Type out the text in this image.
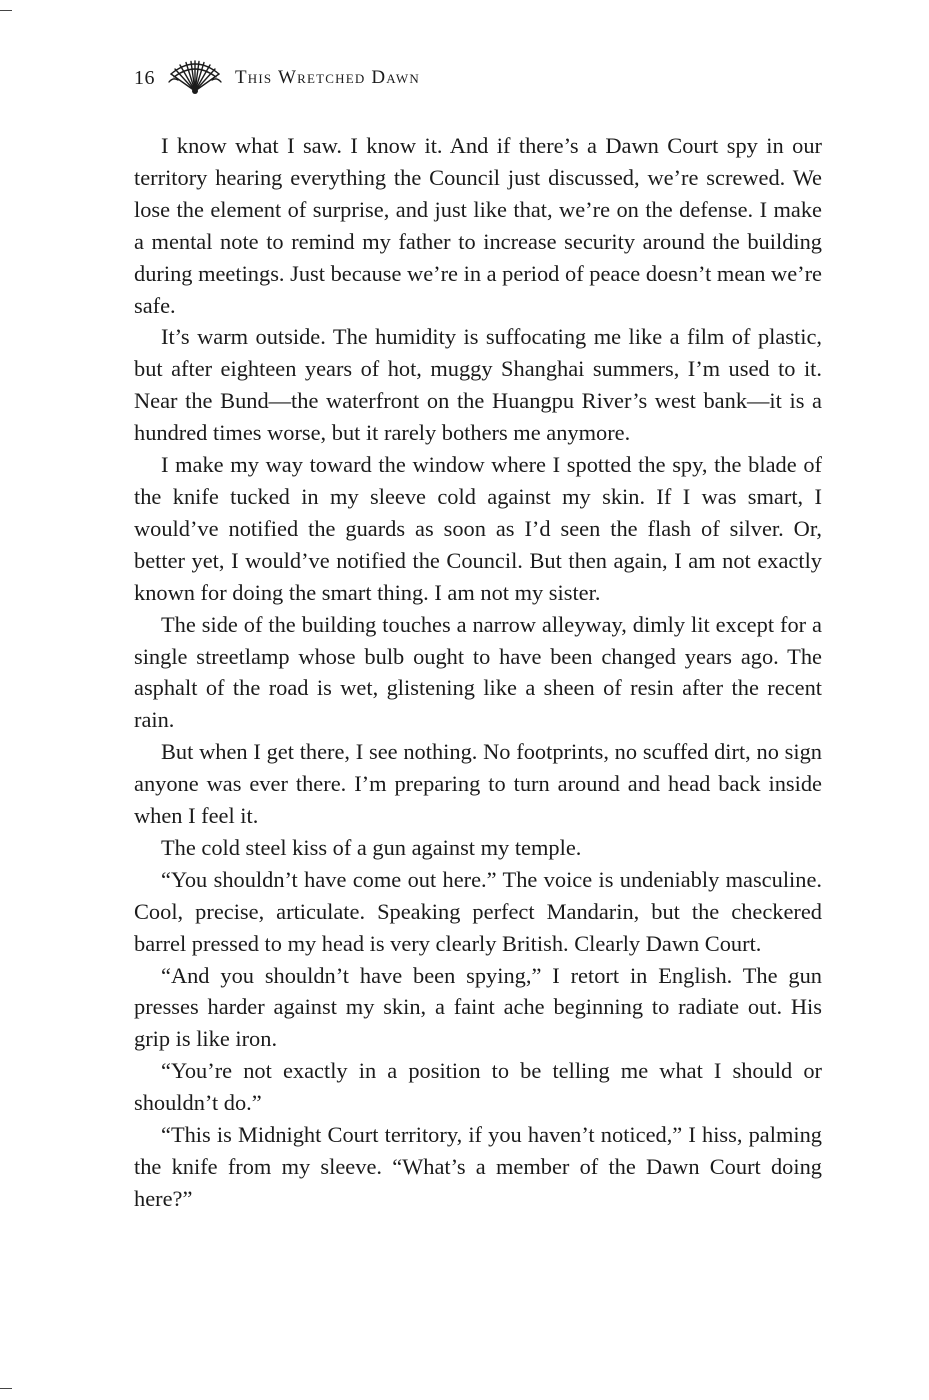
16	This Wretched Dawn

I know what I saw. I know it. And if there’s a Dawn Court spy in our territory hearing everything the Council just discussed, we’re screwed. We lose the element of surprise, and just like that, we’re on the defense. I make a mental note to remind my father to increase security around the building during meetings. Just because we’re in a period of peace doesn’t mean we’re safe.

It’s warm outside. The humidity is suffocating me like a film of plastic, but after eighteen years of hot, muggy Shanghai summers, I’m used to it. Near the Bund—the waterfront on the Huangpu River’s west bank—it is a hundred times worse, but it rarely bothers me anymore.

I make my way toward the window where I spotted the spy, the blade of the knife tucked in my sleeve cold against my skin. If I was smart, I would’ve notified the guards as soon as I’d seen the flash of silver. Or, better yet, I would’ve notified the Council. But then again, I am not exactly known for doing the smart thing. I am not my sister.

The side of the building touches a narrow alleyway, dimly lit except for a single streetlamp whose bulb ought to have been changed years ago. The asphalt of the road is wet, glistening like a sheen of resin after the recent rain.

But when I get there, I see nothing. No footprints, no scuffed dirt, no sign anyone was ever there. I’m preparing to turn around and head back inside when I feel it.

The cold steel kiss of a gun against my temple.

“You shouldn’t have come out here.” The voice is undeniably masculine. Cool, precise, articulate. Speaking perfect Mandarin, but the checkered barrel pressed to my head is very clearly British. Clearly Dawn Court.

“And you shouldn’t have been spying,” I retort in English. The gun presses harder against my skin, a faint ache beginning to radiate out. His grip is like iron.

“You’re not exactly in a position to be telling me what I should or shouldn’t do.”

“This is Midnight Court territory, if you haven’t noticed,” I hiss, palming the knife from my sleeve. “What’s a member of the Dawn Court doing here?”
